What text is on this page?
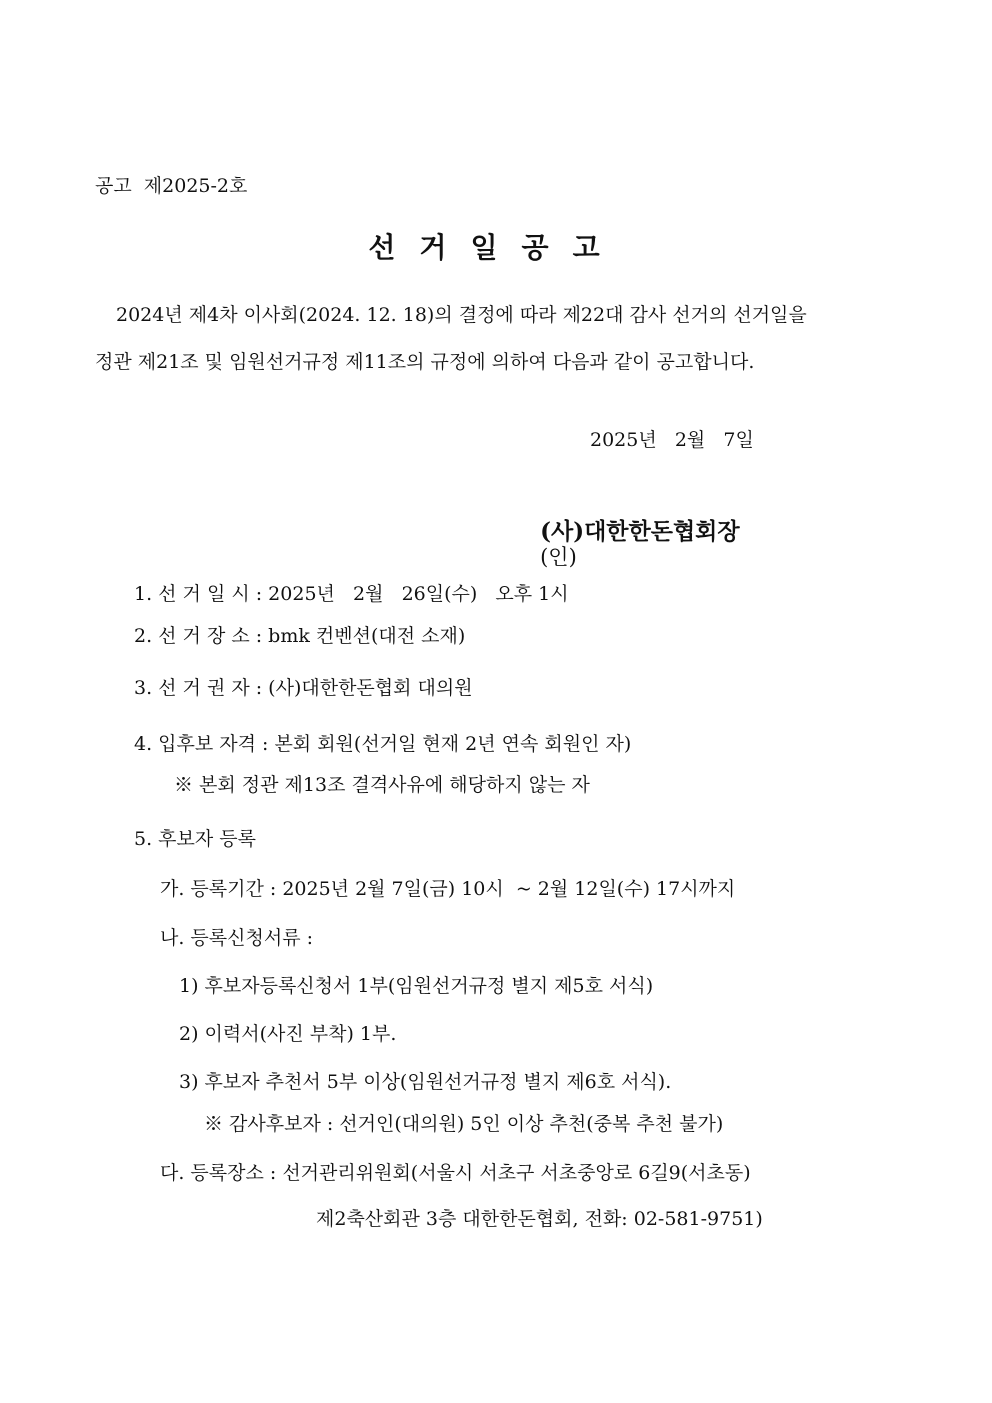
공고  제2025-2호
선거일공고
2024년 제4차 이사회(2024. 12. 18)의 결정에 따라 제22대 감사 선거의 선거일을
정관 제21조 및 임원선거규정 제11조의 규정에 의하여 다음과 같이 공고합니다.
2025년   2월   7일

(사)대한한돈협회장
(인)

1. 선 거 일 시 : 2025년   2월   26일(수)   오후 1시
2. 선 거 장 소 : bmk 컨벤션(대전 소재)
3. 선 거 권 자 : (사)대한한돈협회 대의원
4. 입후보 자격 : 본회 회원(선거일 현재 2년 연속 회원인 자)
※ 본회 정관 제13조 결격사유에 해당하지 않는 자
5. 후보자 등록
가. 등록기간 : 2025년 2월 7일(금) 10시  ~ 2월 12일(수) 17시까지
나. 등록신청서류 :
1) 후보자등록신청서 1부(임원선거규정 별지 제5호 서식)
2) 이력서(사진 부착) 1부.
3) 후보자 추천서 5부 이상(임원선거규정 별지 제6호 서식).
※ 감사후보자 : 선거인(대의원) 5인 이상 추천(중복 추천 불가)
다. 등록장소 : 선거관리위원회(서울시 서초구 서초중앙로 6길9(서초동)
제2축산회관 3층 대한한돈협회, 전화: 02-581-9751)
